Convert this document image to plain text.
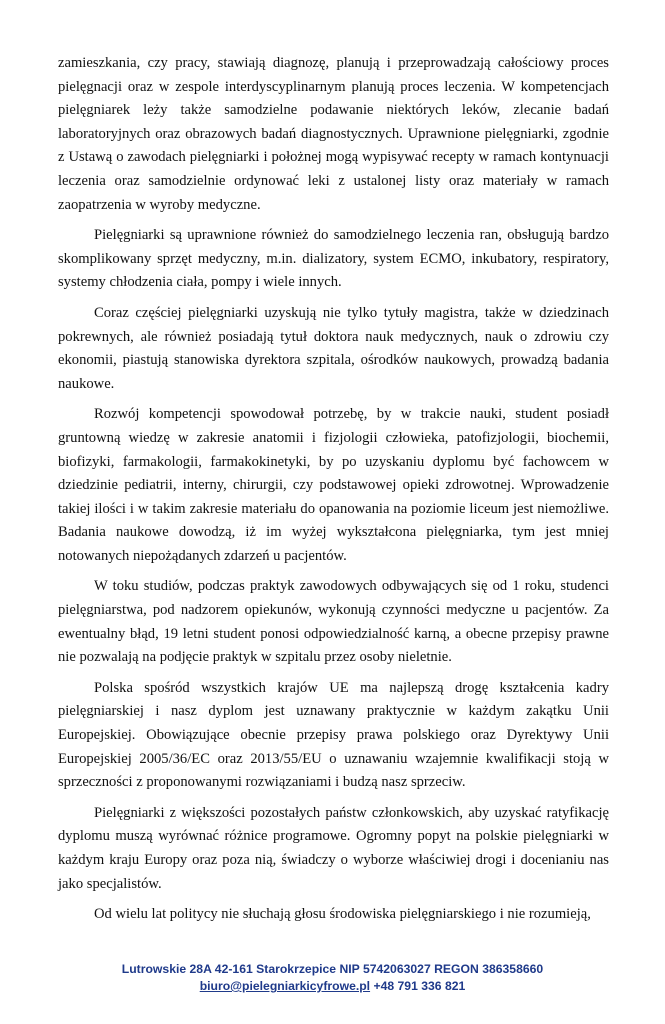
zamieszkania, czy pracy, stawiają diagnozę, planują i przeprowadzają całościowy proces pielęgnacji oraz w zespole interdyscyplinarnym planują proces leczenia. W kompetencjach pielęgniarek leży także samodzielne podawanie niektórych leków, zlecanie badań laboratoryjnych oraz obrazowych badań diagnostycznych. Uprawnione pielęgniarki, zgodnie z Ustawą o zawodach pielęgniarki i położnej mogą wypisywać recepty w ramach kontynuacji leczenia oraz samodzielnie ordynować leki z ustalonej listy oraz materiały w ramach zaopatrzenia w wyroby medyczne.

Pielęgniarki są uprawnione również do samodzielnego leczenia ran, obsługują bardzo skomplikowany sprzęt medyczny, m.in. dializatory, system ECMO, inkubatory, respiratory, systemy chłodzenia ciała, pompy i wiele innych.

Coraz częściej pielęgniarki uzyskują nie tylko tytuły magistra, także w dziedzinach pokrewnych, ale również posiadają tytuł doktora nauk medycznych, nauk o zdrowiu czy ekonomii, piastują stanowiska dyrektora szpitala, ośrodków naukowych, prowadzą badania naukowe.

Rozwój kompetencji spowodował potrzebę, by w trakcie nauki, student posiadł gruntowną wiedzę w zakresie anatomii i fizjologii człowieka, patofizjologii, biochemii, biofizyki, farmakologii, farmakokinetyki, by po uzyskaniu dyplomu być fachowcem w dziedzinie pediatrii, interny, chirurgii, czy podstawowej opieki zdrowotnej. Wprowadzenie takiej ilości i w takim zakresie materiału do opanowania na poziomie liceum jest niemożliwe. Badania naukowe dowodzą, iż im wyżej wykształcona pielęgniarka, tym jest mniej notowanych niepożądanych zdarzeń u pacjentów.

W toku studiów, podczas praktyk zawodowych odbywających się od 1 roku, studenci pielęgniarstwa, pod nadzorem opiekunów, wykonują czynności medyczne u pacjentów. Za ewentualny błąd, 19 letni student ponosi odpowiedzialność karną, a obecne przepisy prawne nie pozwalają na podjęcie praktyk w szpitalu przez osoby nieletnie.

Polska spośród wszystkich krajów UE ma najlepszą drogę kształcenia kadry pielęgniarskiej i nasz dyplom jest uznawany praktycznie w każdym zakątku Unii Europejskiej. Obowiązujące obecnie przepisy prawa polskiego oraz Dyrektywy Unii Europejskiej 2005/36/EC oraz 2013/55/EU o uznawaniu wzajemnie kwalifikacji stoją w sprzeczności z proponowanymi rozwiązaniami i budzą nasz sprzeciw.

Pielęgniarki z większości pozostałych państw członkowskich, aby uzyskać ratyfikację dyplomu muszą wyrównać różnice programowe. Ogromny popyt na polskie pielęgniarki w każdym kraju Europy oraz poza nią, świadczy o wyborze właściwiej drogi i docenianiu nas jako specjalistów.

Od wielu lat politycy nie słuchają głosu środowiska pielęgniarskiego i nie rozumieją,

Lutrowskie 28A 42-161 Starokrzepice NIP 5742063027 REGON 386358660
biuro@pielegniarkicyfrowe.pl +48 791 336 821
